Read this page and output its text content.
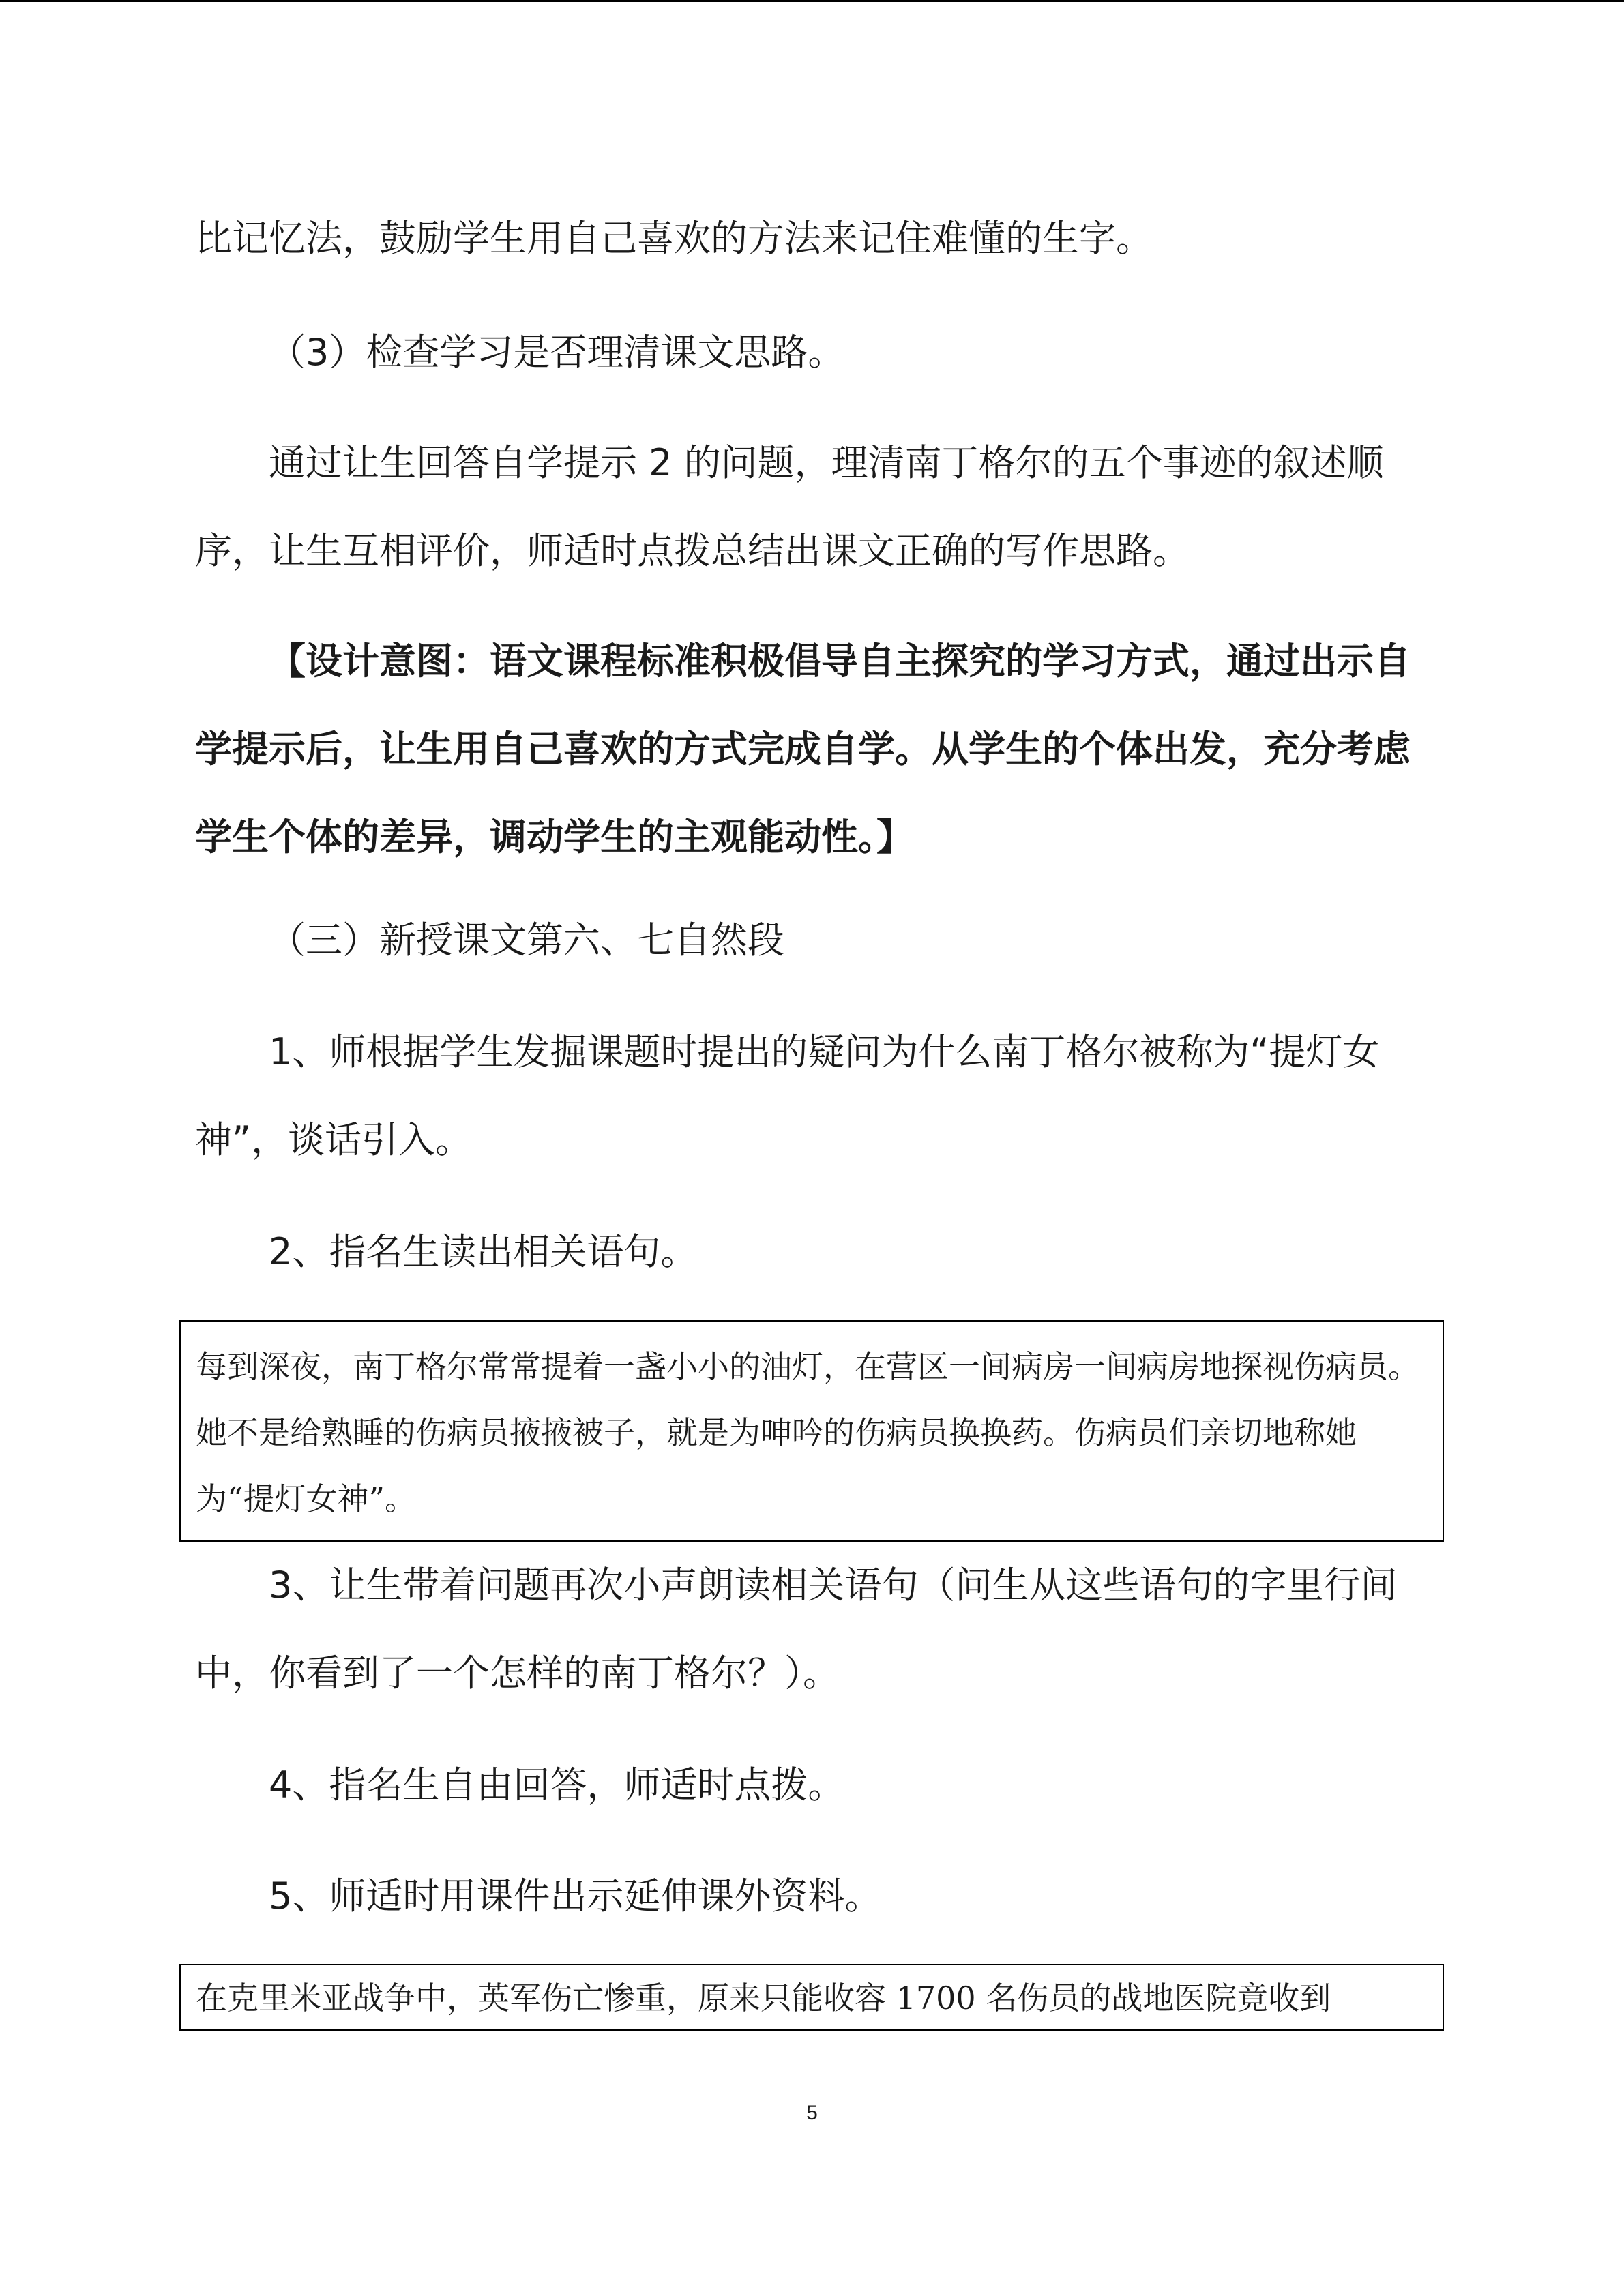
比记忆法，鼓励学生用自己喜欢的方法来记住难懂的生字。

（3）检查学习是否理清课文思路。

通过让生回答自学提示 2 的问题，理清南丁格尔的五个事迹的叙述顺序，让生互相评价，师适时点拨总结出课文正确的写作思路。

【设计意图：语文课程标准积极倡导自主探究的学习方式，通过出示自学提示后，让生用自己喜欢的方式完成自学。从学生的个体出发，充分考虑学生个体的差异，调动学生的主观能动性。】

（三）新授课文第六、七自然段

1、师根据学生发掘课题时提出的疑问为什么南丁格尔被称为“提灯女神”，谈话引入。

2、指名生读出相关语句。

每到深夜，南丁格尔常常提着一盏小小的油灯，在营区一间病房一间病房地探视伤病员。她不是给熟睡的伤病员掖掖被子，就是为呻吟的伤病员换换药。伤病员们亲切地称她为“提灯女神”。

3、让生带着问题再次小声朗读相关语句（问生从这些语句的字里行间中，你看到了一个怎样的南丁格尔？）。

4、指名生自由回答，师适时点拨。

5、师适时用课件出示延伸课外资料。

在克里米亚战争中，英军伤亡惨重，原来只能收容 1700 名伤员的战地医院竟收到
5
